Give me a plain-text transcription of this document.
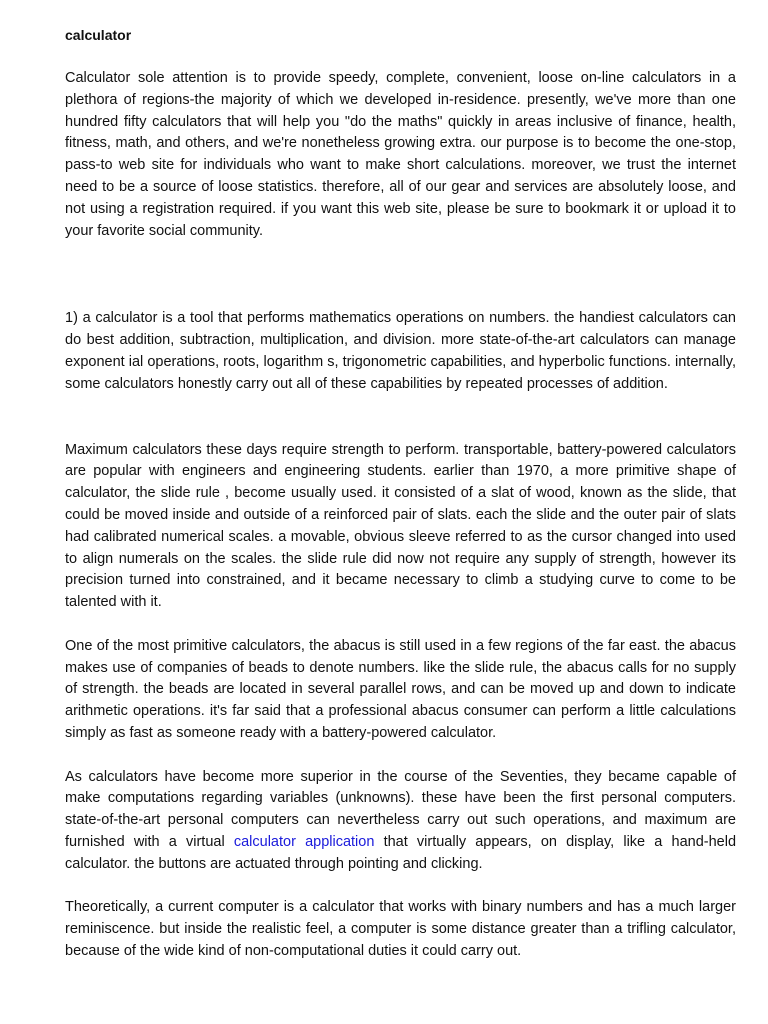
calculator

Calculator sole attention is to provide speedy, complete, convenient, loose on-line calculators in a plethora of regions-the majority of which we developed in-residence. presently, we've more than one hundred fifty calculators that will help you "do the maths" quickly in areas inclusive of finance, health, fitness, math, and others, and we're nonetheless growing extra. our purpose is to become the one-stop, pass-to web site for individuals who want to make short calculations. moreover, we trust the internet need to be a source of loose statistics. therefore, all of our gear and services are absolutely loose, and not using a registration required. if you want this web site, please be sure to bookmark it or upload it to your favorite social community.

1) a calculator is a tool that performs mathematics operations on numbers. the handiest calculators can do best addition, subtraction, multiplication, and division. more state-of-the-art calculators can manage exponent ial operations, roots, logarithm s, trigonometric capabilities, and hyperbolic functions. internally, some calculators honestly carry out all of these capabilities by repeated processes of addition.

Maximum calculators these days require strength to perform. transportable, battery-powered calculators are popular with engineers and engineering students. earlier than 1970, a more primitive shape of calculator, the slide rule , become usually used. it consisted of a slat of wood, known as the slide, that could be moved inside and outside of a reinforced pair of slats. each the slide and the outer pair of slats had calibrated numerical scales. a movable, obvious sleeve referred to as the cursor changed into used to align numerals on the scales. the slide rule did now not require any supply of strength, however its precision turned into constrained, and it became necessary to climb a studying curve to come to be talented with it.

One of the most primitive calculators, the abacus is still used in a few regions of the far east. the abacus makes use of companies of beads to denote numbers. like the slide rule, the abacus calls for no supply of strength. the beads are located in several parallel rows, and can be moved up and down to indicate arithmetic operations. it's far said that a professional abacus consumer can perform a little calculations simply as fast as someone ready with a battery-powered calculator.

As calculators have become more superior in the course of the Seventies, they became capable of make computations regarding variables (unknowns). these have been the first personal computers. state-of-the-art personal computers can nevertheless carry out such operations, and maximum are furnished with a virtual calculator application that virtually appears, on display, like a hand-held calculator. the buttons are actuated through pointing and clicking.

Theoretically, a current computer is a calculator that works with binary numbers and has a much larger reminiscence. but inside the realistic feel, a computer is some distance greater than a trifling calculator, because of the wide kind of non-computational duties it could carry out.
